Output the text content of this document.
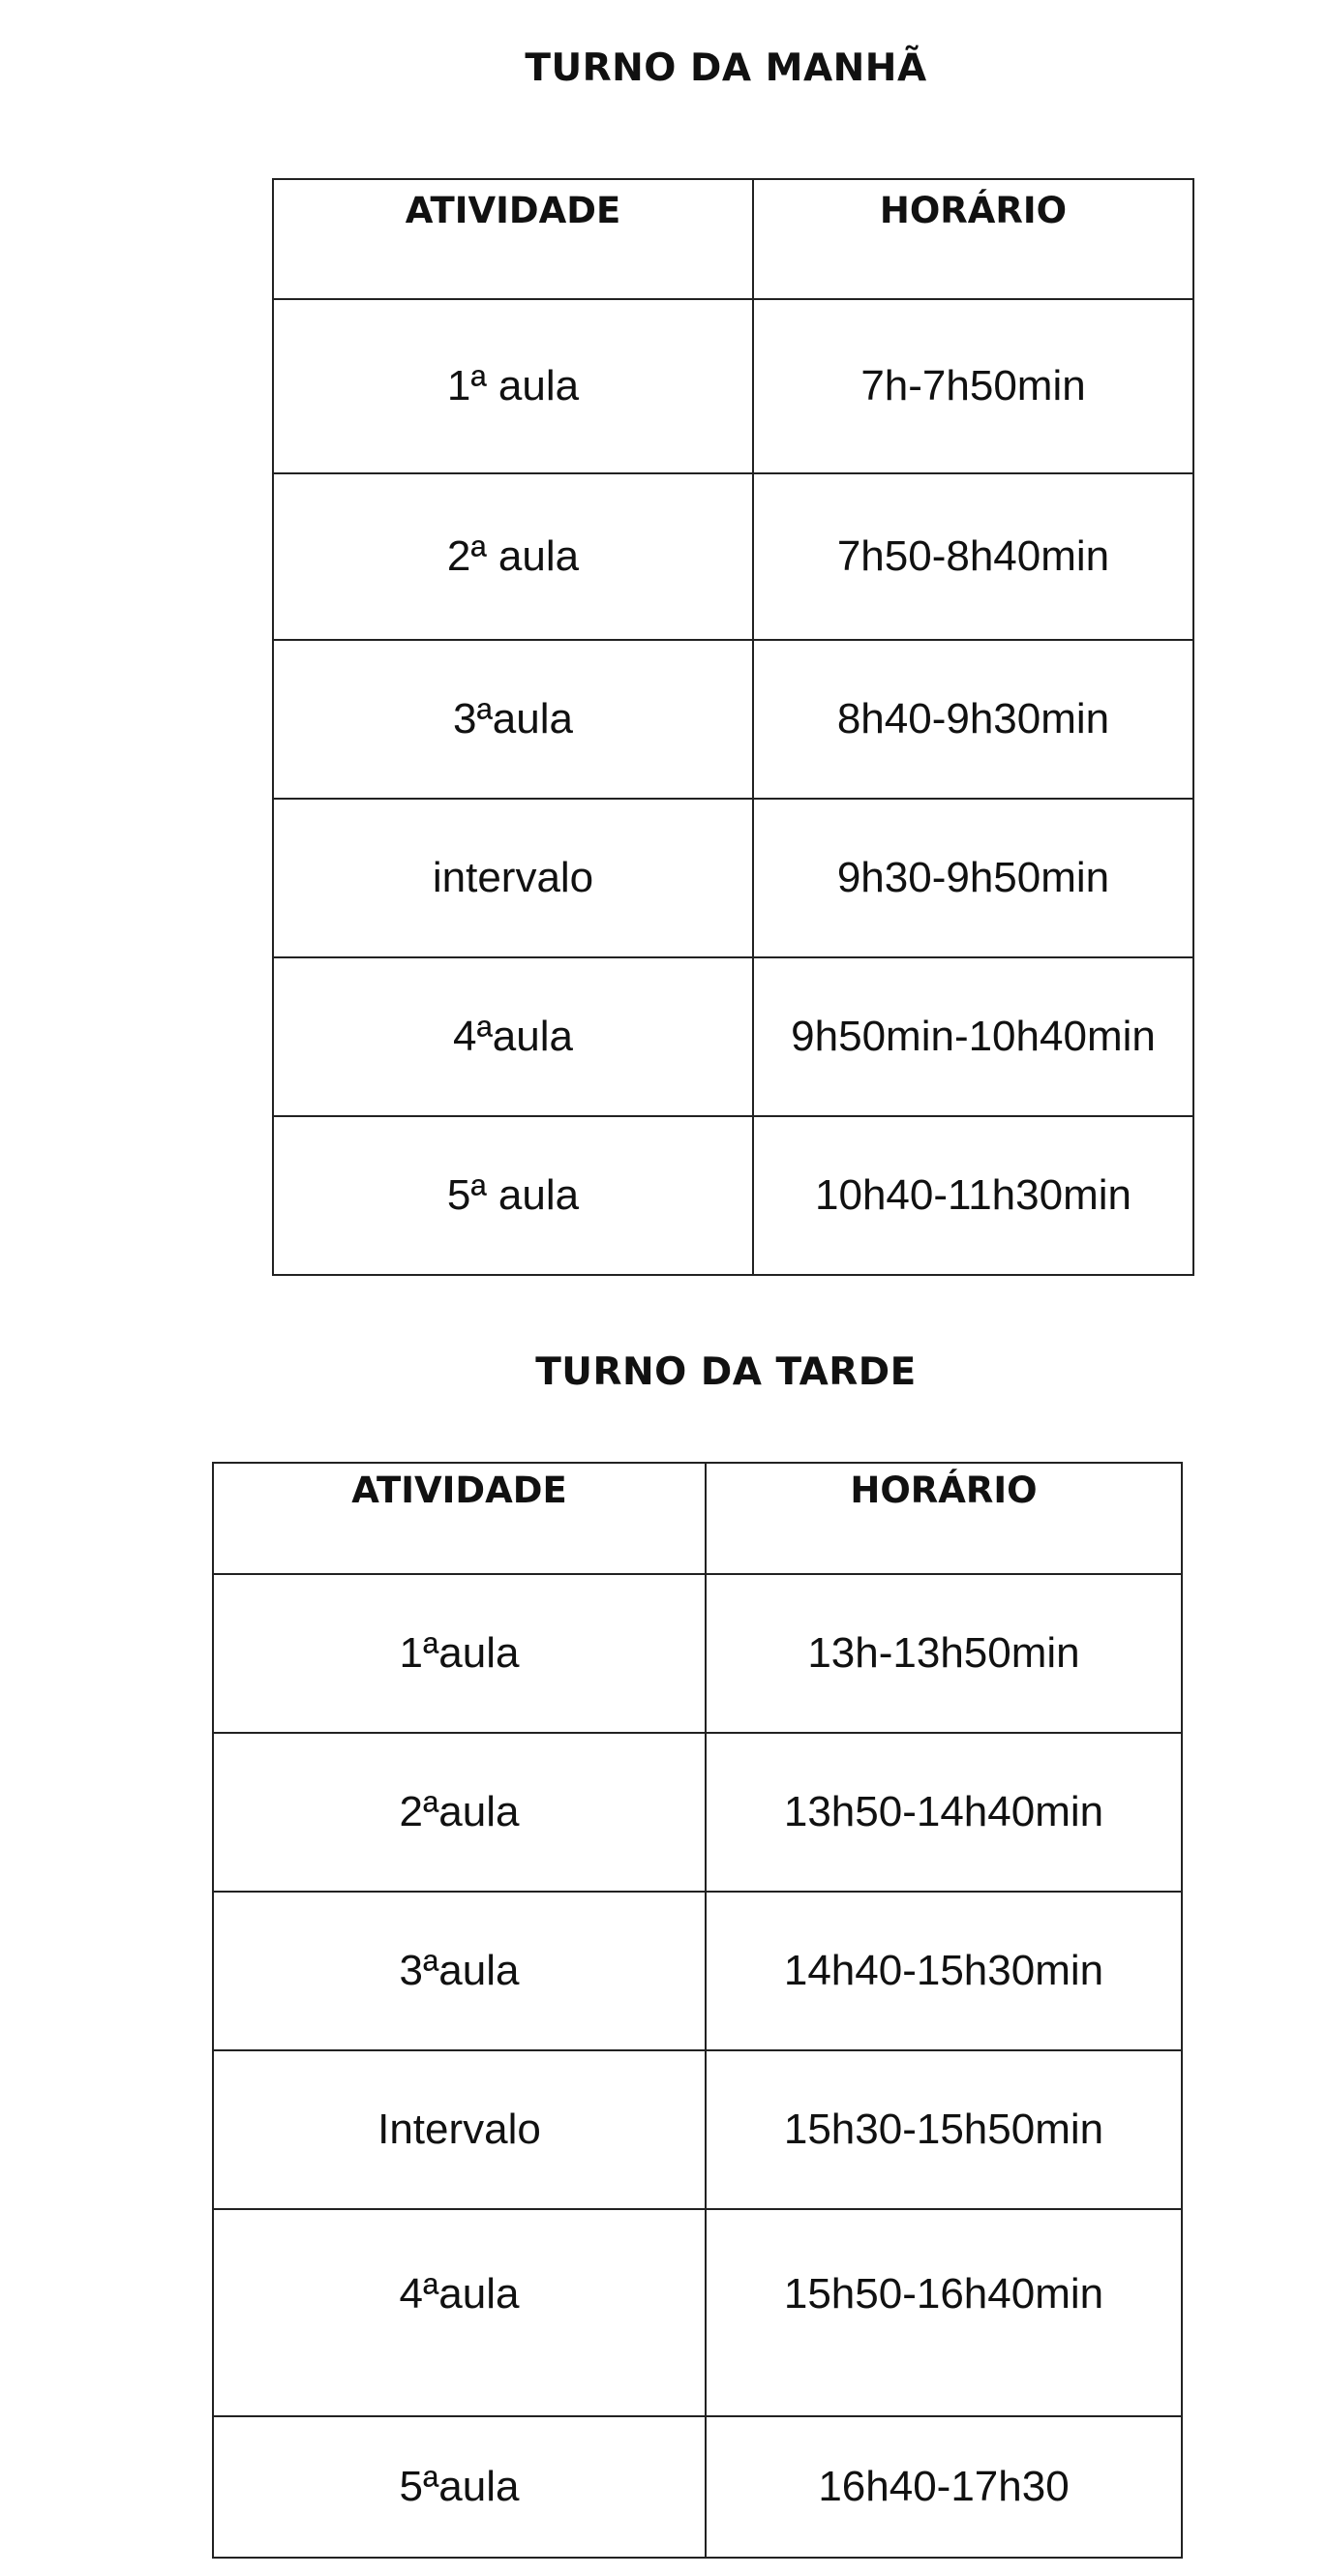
TURNO DA MANHÃ
ATIVIDADE	HORÁRIO
1ª aula	7h-7h50min
2ª aula	7h50-8h40min
3ªaula	8h40-9h30min
intervalo	9h30-9h50min
4ªaula	9h50min-10h40min
5ª aula	10h40-11h30min
TURNO DA TARDE
ATIVIDADE	HORÁRIO
1ªaula	13h-13h50min
2ªaula	13h50-14h40min
3ªaula	14h40-15h30min
Intervalo	15h30-15h50min
4ªaula	15h50-16h40min
5ªaula	16h40-17h30
